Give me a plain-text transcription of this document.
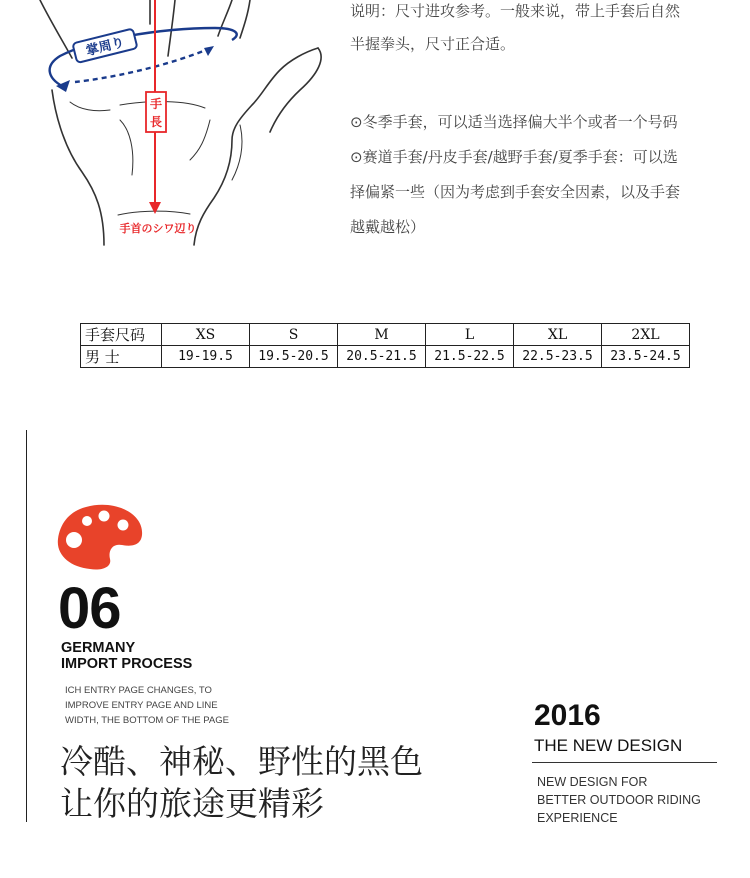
掌周り
手
長
手首のシワ辺り
说明：尺寸进攻参考。一般来说，带上手套后自然
半握拳头，尺寸正合适。
⊙冬季手套，可以适当选择偏大半个或者一个号码
⊙赛道手套/丹皮手套/越野手套/夏季手套：可以选
择偏紧一些（因为考虑到手套安全因素，以及手套
越戴越松）
手套尺码	XS	S	M	L	XL	2XL
男 士	19-19.5	19.5-20.5	20.5-21.5	21.5-22.5	22.5-23.5	23.5-24.5
06
GERMANY
IMPORT PROCESS
ICH ENTRY PAGE CHANGES, TO
IMPROVE ENTRY PAGE AND LINE
WIDTH, THE BOTTOM OF THE PAGE
冷酷、神秘、野性的黑色
让你的旅途更精彩
2016
THE NEW DESIGN
NEW DESIGN FOR
BETTER OUTDOOR RIDING
EXPERIENCE
